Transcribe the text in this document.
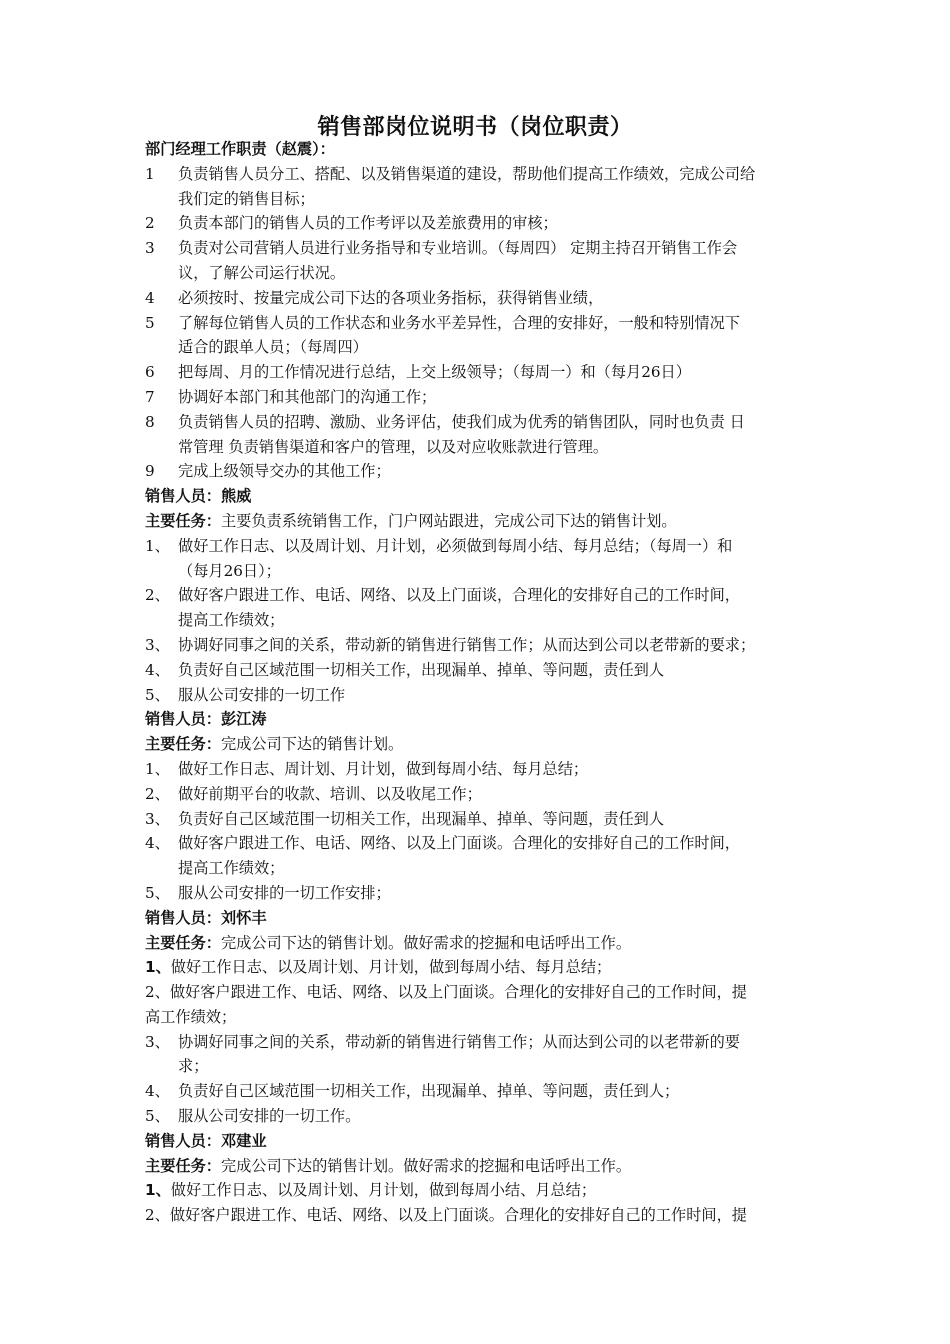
销售部岗位说明书（岗位职责）
部门经理工作职责（赵震）：
1	负责销售人员分工、搭配、以及销售渠道的建设，帮助他们提高工作绩效，完成公司给
我们定的销售目标；
2	负责本部门的销售人员的工作考评以及差旅费用的审核；
3	负责对公司营销人员进行业务指导和专业培训。（每周四） 定期主持召开销售工作会
议，了解公司运行状况。
4	必须按时、按量完成公司下达的各项业务指标，获得销售业绩，
5	了解每位销售人员的工作状态和业务水平差异性，合理的安排好，一般和特别情况下
适合的跟单人员；（每周四）
6	把每周、月的工作情况进行总结，上交上级领导；（每周一）和（每月26日）
7	协调好本部门和其他部门的沟通工作；
8	负责销售人员的招聘、激励、业务评估，使我们成为优秀的销售团队，同时也负责 日
常管理 负责销售渠道和客户的管理，以及对应收账款进行管理。
9	完成上级领导交办的其他工作；
销售人员：熊威
主要任务：主要负责系统销售工作，门户网站跟进，完成公司下达的销售计划。
1、 做好工作日志、以及周计划、月计划，必须做到每周小结、每月总结；（每周一）和
（每月26日）；
2、 做好客户跟进工作、电话、网络、以及上门面谈，合理化的安排好自己的工作时间，
提高工作绩效；
3、 协调好同事之间的关系，带动新的销售进行销售工作；从而达到公司以老带新的要求；
4、 负责好自己区域范围一切相关工作，出现漏单、掉单、等问题，责任到人
5、 服从公司安排的一切工作
销售人员：彭江涛
主要任务：完成公司下达的销售计划。
1、 做好工作日志、周计划、月计划，做到每周小结、每月总结；
2、 做好前期平台的收款、培训、以及收尾工作；
3、 负责好自己区域范围一切相关工作，出现漏单、掉单、等问题，责任到人
4、 做好客户跟进工作、电话、网络、以及上门面谈。合理化的安排好自己的工作时间，
提高工作绩效；
5、 服从公司安排的一切工作安排；
销售人员：刘怀丰
主要任务：完成公司下达的销售计划。做好需求的挖掘和电话呼出工作。
1、做好工作日志、以及周计划、月计划，做到每周小结、每月总结；
2、做好客户跟进工作、电话、网络、以及上门面谈。合理化的安排好自己的工作时间，提
高工作绩效；
3、 协调好同事之间的关系，带动新的销售进行销售工作；从而达到公司的以老带新的要
求；
4、 负责好自己区域范围一切相关工作，出现漏单、掉单、等问题，责任到人；
5、 服从公司安排的一切工作。
销售人员：邓建业
主要任务：完成公司下达的销售计划。做好需求的挖掘和电话呼出工作。
1、做好工作日志、以及周计划、月计划，做到每周小结、月总结；
2、做好客户跟进工作、电话、网络、以及上门面谈。合理化的安排好自己的工作时间，提
